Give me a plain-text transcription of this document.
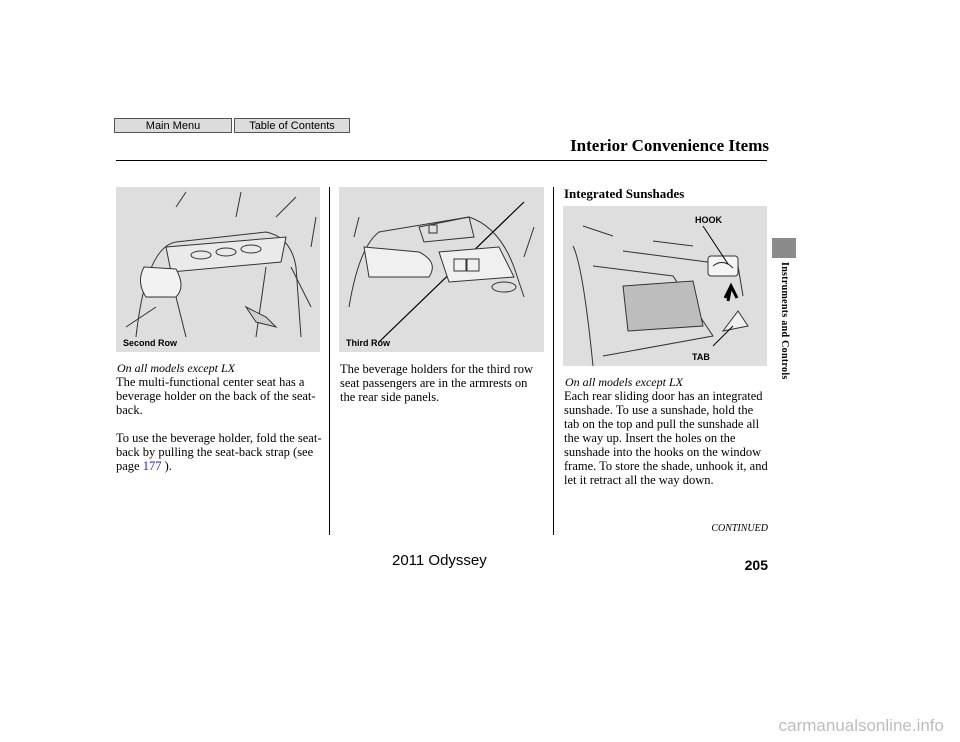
Main Menu	Table of Contents
Interior Convenience Items
Instruments and Controls
Second Row	Third Row
HOOK
TAB
On all models except LX

The multi-functional center seat has a beverage holder on the back of the seat-back.

To use the beverage holder, fold the seat-back by pulling the seat-back strap (see page 177 ).

The beverage holders for the third row seat passengers are in the armrests on the rear side panels.

Integrated Sunshades
On all models except LX

Each rear sliding door has an integrated sunshade. To use a sunshade, hold the tab on the top and pull the sunshade all the way up. Insert the holes on the sunshade into the hooks on the window frame. To store the shade, unhook it, and let it retract all the way down.

CONTINUED
205
2011 Odyssey
carmanualsonline.info
